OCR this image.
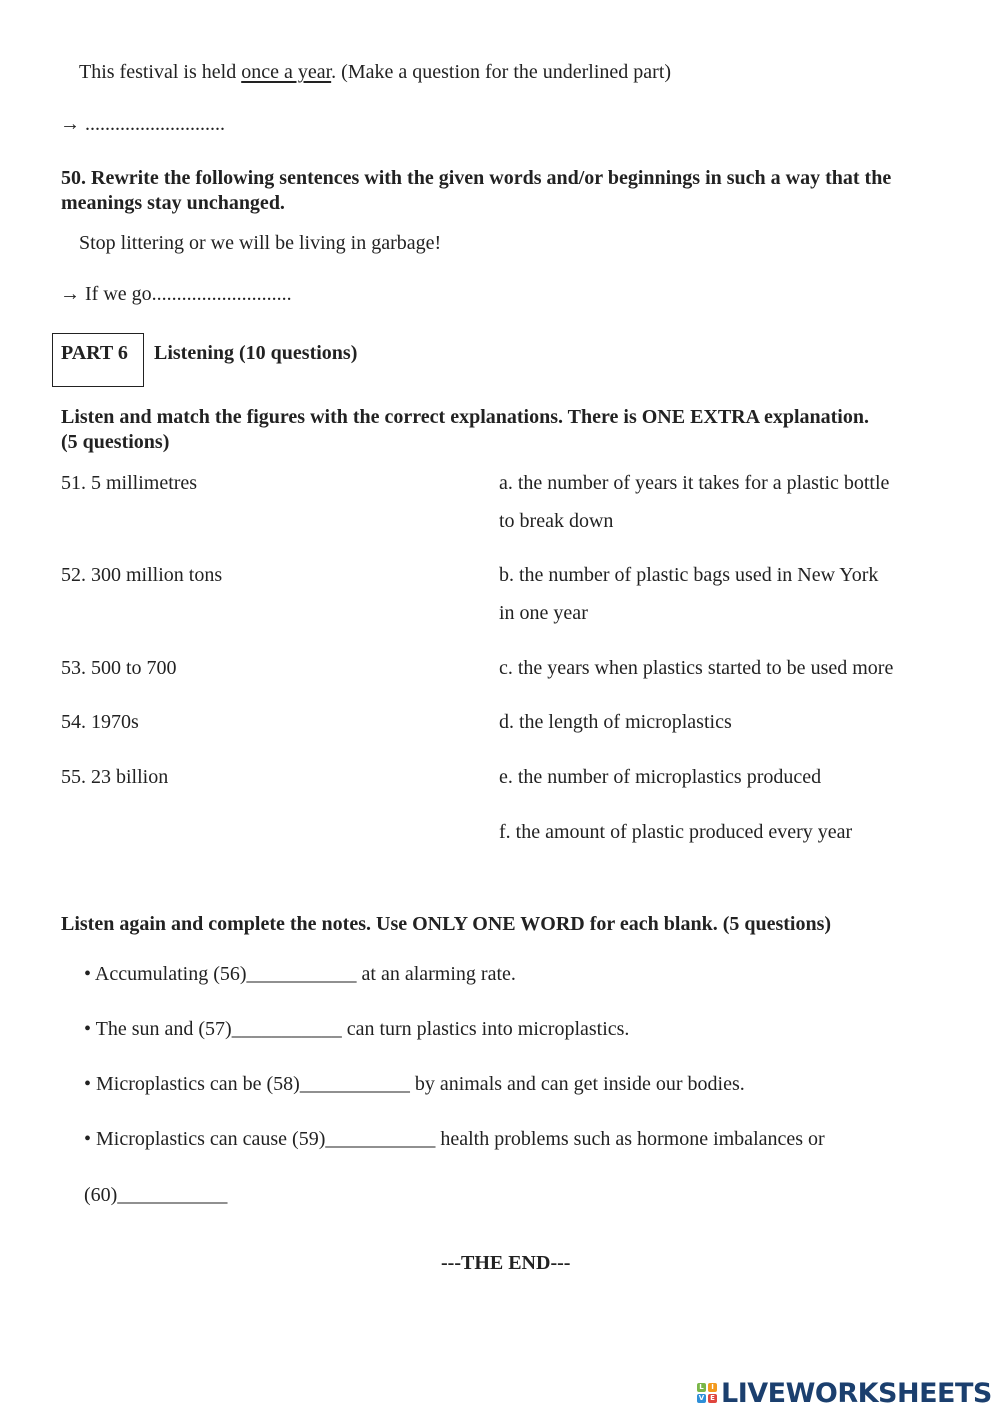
This festival is held once a year. (Make a question for the underlined part)
→ ............................
50. Rewrite the following sentences with the given words and/or beginnings in such a way that the meanings stay unchanged.
Stop littering or we will be living in garbage!
→ If we go............................
PART 6 Listening (10 questions)
Listen and match the figures with the correct explanations. There is ONE EXTRA explanation. (5 questions)
51. 5 millimetres
52. 300 million tons
53. 500 to 700
54. 1970s
55. 23 billion
a. the number of years it takes for a plastic bottle
to break down
b. the number of plastic bags used in New York
in one year
c. the years when plastics started to be used more
d. the length of microplastics
e. the number of microplastics produced
f. the amount of plastic produced every year
Listen again and complete the notes. Use ONLY ONE WORD for each blank. (5 questions)
• Accumulating (56)___________ at an alarming rate.
• The sun and (57)___________ can turn plastics into microplastics.
• Microplastics can be (58)___________ by animals and can get inside our bodies.
• Microplastics can cause (59)___________ health problems such as hormone imbalances or
(60)___________
---THE END---
L	I
V E LIVEWORKSHEETS
